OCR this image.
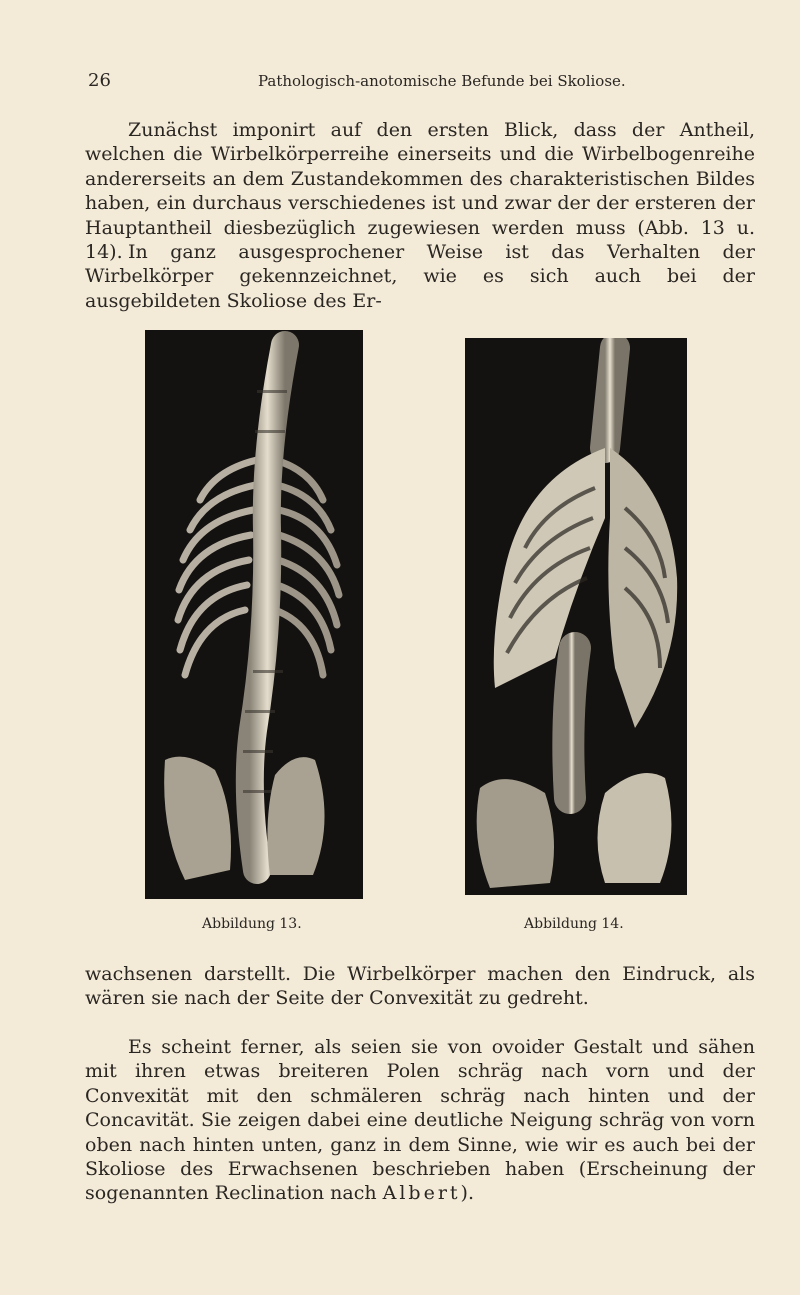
26	Pathologisch-anotomische Befunde bei Skoliose.

Zunächst imponirt auf den ersten Blick, dass der Antheil, welchen die Wirbelkörperreihe einerseits und die Wirbelbogenreihe andererseits an dem Zustandekommen des charakteristischen Bildes haben, ein durchaus verschiedenes ist und zwar der der ersteren der Hauptantheil diesbezüglich zugewiesen werden muss (Abb. 13 u. 14). In ganz ausgesprochener Weise ist das Verhalten der Wirbelkörper gekennzeichnet, wie es sich auch bei der ausgebildeten Skoliose des Er-

Abbildung 13.	Abbildung 14.

wachsenen darstellt. Die Wirbelkörper machen den Eindruck, als wären sie nach der Seite der Convexität zu gedreht.

Es scheint ferner, als seien sie von ovoider Gestalt und sähen mit ihren etwas breiteren Polen schräg nach vorn und der Convexität mit den schmäleren schräg nach hinten und der Concavität. Sie zeigen dabei eine deutliche Neigung schräg von vorn oben nach hinten unten, ganz in dem Sinne, wie wir es auch bei der Skoliose des Erwachsenen beschrieben haben (Erscheinung der sogenannten Reclination nach Albert).
